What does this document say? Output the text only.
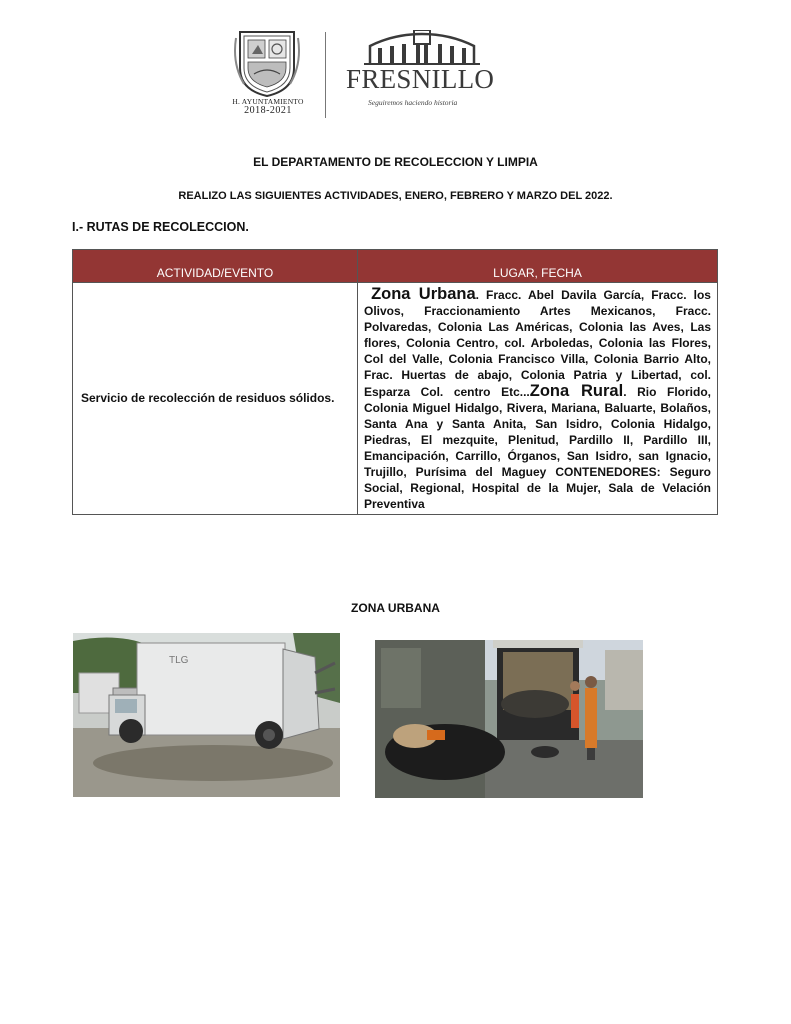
H. AYUNTAMIENTO
2018-2021
FRESNILLO
Seguiremos haciendo historia
EL DEPARTAMENTO DE RECOLECCION Y LIMPIA
REALIZO LAS SIGUIENTES ACTIVIDADES, ENERO, FEBRERO Y MARZO DEL 2022.
I.- RUTAS DE RECOLECCION.
ACTIVIDAD/EVENTO	LUGAR, FECHA
Servicio de recolección de residuos sólidos.	Zona Urbana. Fracc. Abel Davila García, Fracc. los Olivos, Fraccionamiento Artes Mexicanos, Fracc. Polvaredas, Colonia Las Américas, Colonia las Aves, Las flores, Colonia Centro, col. Arboledas, Colonia las Flores, Col del Valle, Colonia Francisco Villa, Colonia Barrio Alto, Frac. Huertas de abajo, Colonia Patria y Libertad, col. Esparza Col. centro Etc...Zona Rural. Rio Florido, Colonia Miguel Hidalgo, Rivera, Mariana, Baluarte, Bolaños, Santa Ana y Santa Anita, San Isidro, Colonia Hidalgo, Piedras, El mezquite, Plenitud, Pardillo II, Pardillo III, Emancipación, Carrillo, Órganos, San Isidro, san Ignacio, Trujillo, Purísima del Maguey CONTENEDORES: Seguro Social, Regional, Hospital de la Mujer, Sala de Velación Preventiva
ZONA URBANA
TLG
